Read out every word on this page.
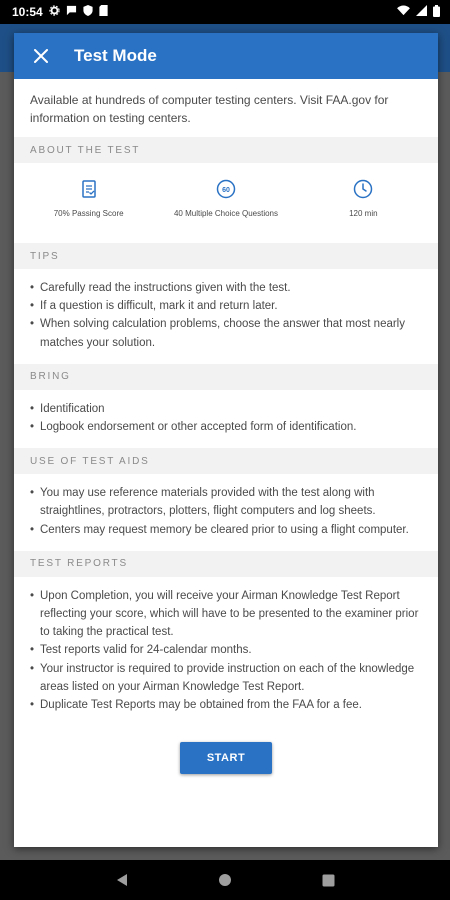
10:54
Test Mode

Available at hundreds of computer testing centers. Visit FAA.gov for information on testing centers.

ABOUT THE TEST
70% Passing Score
60
40 Multiple Choice Questions	120 min
TIPS
• Carefully read the instructions given with the test.
• If a question is difficult, mark it and return later.
• When solving calculation problems, choose the answer that most nearly matches your solution.
BRING
• Identification
• Logbook endorsement or other accepted form of identification.
USE OF TEST AIDS
• You may use reference materials provided with the test along with straightlines, protractors, plotters, flight computers and log sheets.
• Centers may request memory be cleared prior to using a flight computer.
TEST REPORTS
• Upon Completion, you will receive your Airman Knowledge Test Report reflecting your score, which will have to be presented to the examiner prior to taking the practical test.
• Test reports valid for 24-calendar months.
• Your instructor is required to provide instruction on each of the knowledge areas listed on your Airman Knowledge Test Report.
• Duplicate Test Reports may be obtained from the FAA for a fee.
START
